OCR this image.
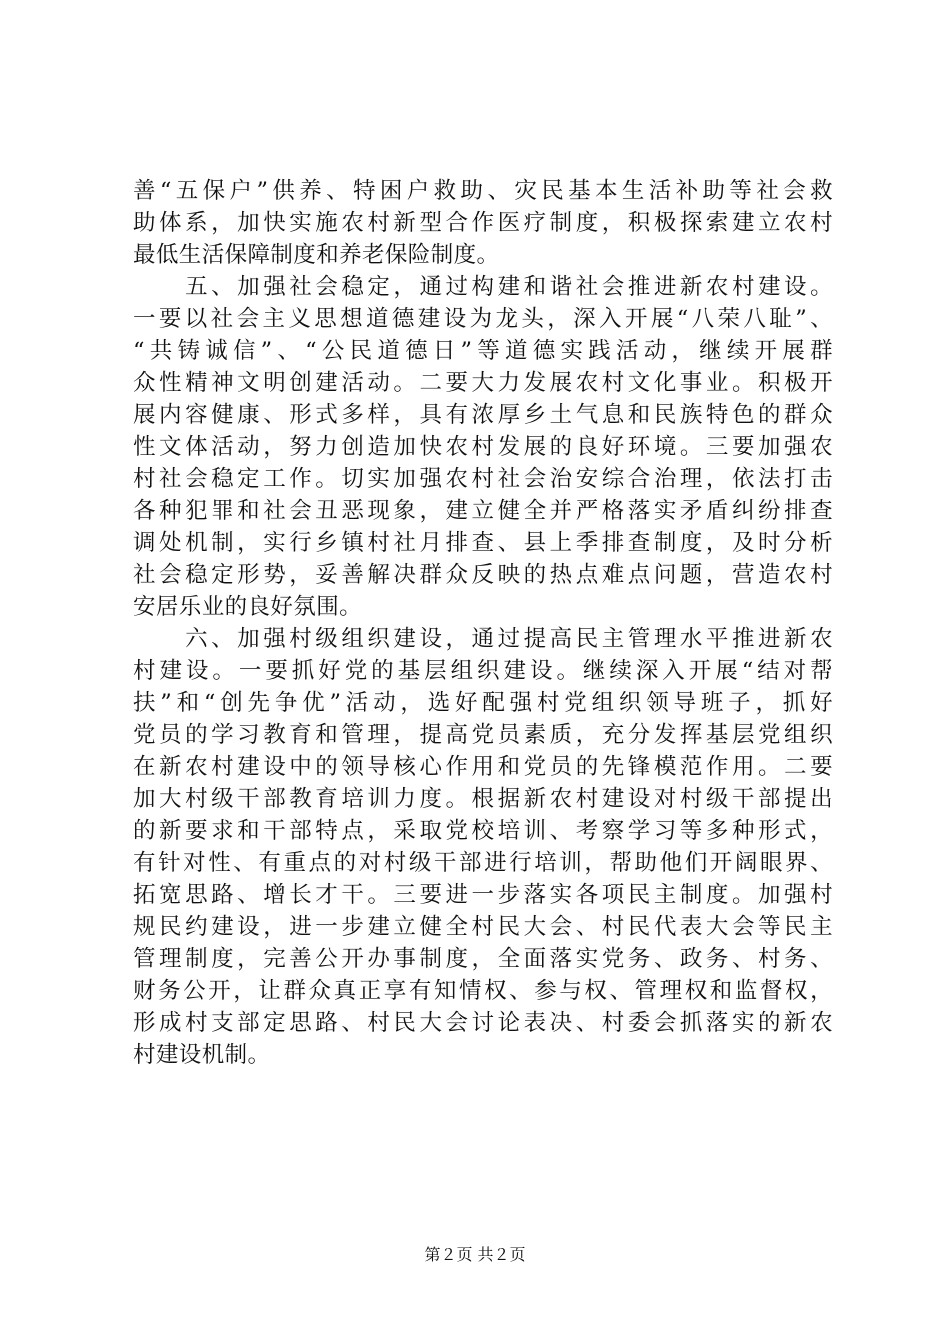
善“五保户”供养、特困户救助、灾民基本生活补助等社会救
助体系，加快实施农村新型合作医疗制度，积极探索建立农村
最低生活保障制度和养老保险制度。
　　五、加强社会稳定，通过构建和谐社会推进新农村建设。
一要以社会主义思想道德建设为龙头，深入开展“八荣八耻”、
“共铸诚信”、“公民道德日”等道德实践活动，继续开展群
众性精神文明创建活动。二要大力发展农村文化事业。积极开
展内容健康、形式多样，具有浓厚乡土气息和民族特色的群众
性文体活动，努力创造加快农村发展的良好环境。三要加强农
村社会稳定工作。切实加强农村社会治安综合治理，依法打击
各种犯罪和社会丑恶现象，建立健全并严格落实矛盾纠纷排查
调处机制，实行乡镇村社月排查、县上季排查制度，及时分析
社会稳定形势，妥善解决群众反映的热点难点问题，营造农村
安居乐业的良好氛围。
　　六、加强村级组织建设，通过提高民主管理水平推进新农
村建设。一要抓好党的基层组织建设。继续深入开展“结对帮
扶”和“创先争优”活动，选好配强村党组织领导班子，抓好
党员的学习教育和管理，提高党员素质，充分发挥基层党组织
在新农村建设中的领导核心作用和党员的先锋模范作用。二要
加大村级干部教育培训力度。根据新农村建设对村级干部提出
的新要求和干部特点，采取党校培训、考察学习等多种形式，
有针对性、有重点的对村级干部进行培训，帮助他们开阔眼界、
拓宽思路、增长才干。三要进一步落实各项民主制度。加强村
规民约建设，进一步建立健全村民大会、村民代表大会等民主
管理制度，完善公开办事制度，全面落实党务、政务、村务、
财务公开，让群众真正享有知情权、参与权、管理权和监督权，
形成村支部定思路、村民大会讨论表决、村委会抓落实的新农
村建设机制。
第２页 共２页
